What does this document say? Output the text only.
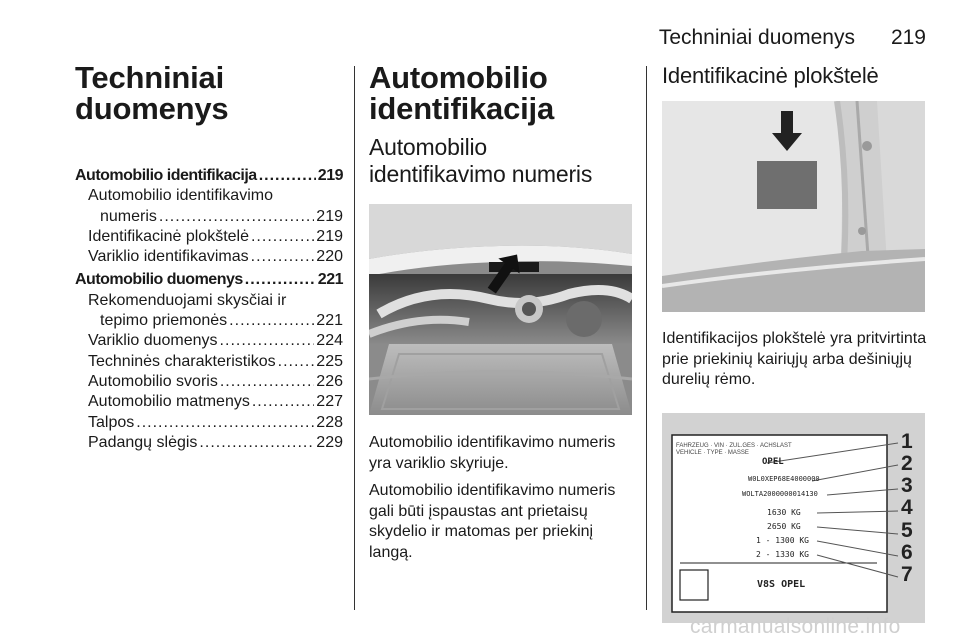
Techniniai duomenys 219
Techniniai duomenys
Automobilio identifikacija .....	219
Automobilio identifikavimo
numeris .....	219
Identifikacinė plokštelė .....	219
Variklio identifikavimas .....	220
Automobilio duomenys .....	221
Rekomenduojami skysčiai ir
tepimo priemonės .....	221
Variklio duomenys .....	224
Techninės charakteristikos .....	225
Automobilio svoris .....	226
Automobilio matmenys .....	227
Talpos .....	228
Padangų slėgis .....	229
Automobilio identifikacija
Automobilio identifikavimo numeris
Automobilio identifikavimo numeris yra variklio skyriuje.
Automobilio identifikavimo numeris gali būti įspaustas ant prietaisų skydelio ir matomas per priekinį langą.
Identifikacinė plokštelė
Identifikacijos plokštelė yra pritvirtinta prie priekinių kairiųjų arba dešiniųjų durelių rėmo.
FAHRZEUG · VIN · ZUL.GES · ACHSLAST
VEHICLE · TYPE · MASSE
OPEL
W0L0XEP68E4000000
WOLTA2000000014130
1630 KG
2650 KG
1 - 1300 KG
2 - 1330 KG
V8S OPEL
1
2
3
4
5
6
7
carmanualsonline.info
